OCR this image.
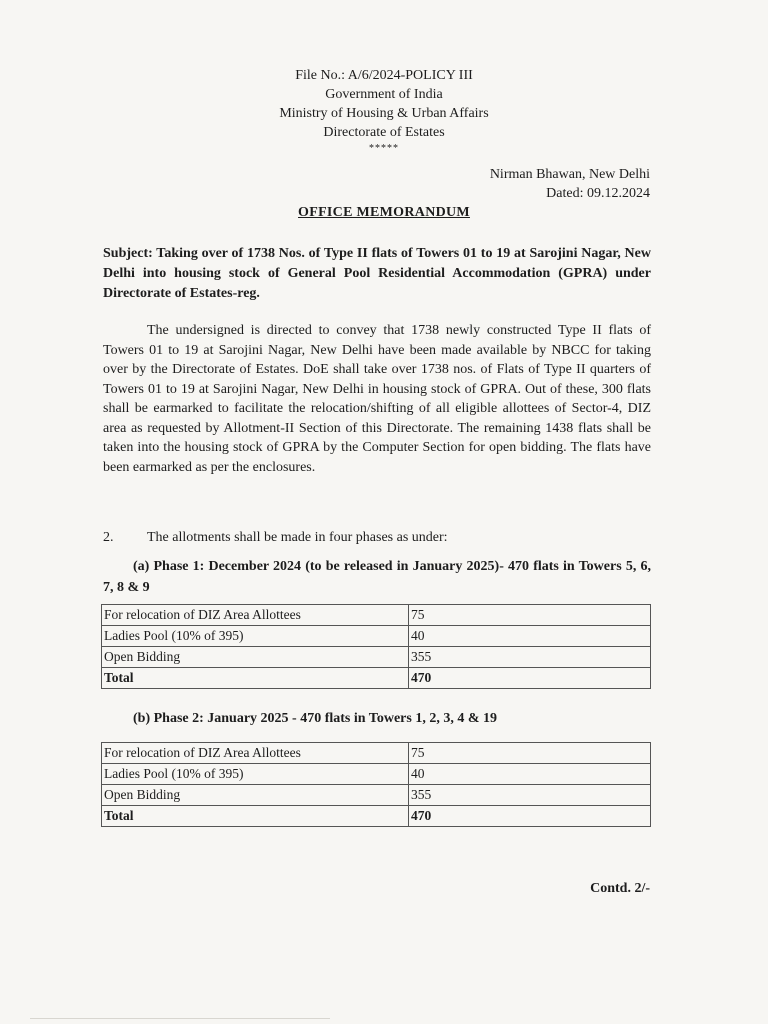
File No.: A/6/2024-POLICY III
Government of India
Ministry of Housing & Urban Affairs
Directorate of Estates
*****
Nirman Bhawan, New Delhi
Dated: 09.12.2024
OFFICE MEMORANDUM
Subject: Taking over of 1738 Nos. of Type II flats of Towers 01 to 19 at Sarojini Nagar, New Delhi into housing stock of General Pool Residential Accommodation (GPRA) under Directorate of Estates-reg.
The undersigned is directed to convey that 1738 newly constructed Type II flats of Towers 01 to 19 at Sarojini Nagar, New Delhi have been made available by NBCC for taking over by the Directorate of Estates. DoE shall take over 1738 nos. of Flats of Type II quarters of Towers 01 to 19 at Sarojini Nagar, New Delhi in housing stock of GPRA. Out of these, 300 flats shall be earmarked to facilitate the relocation/shifting of all eligible allottees of Sector-4, DIZ area as requested by Allotment-II Section of this Directorate. The remaining 1438 flats shall be taken into the housing stock of GPRA by the Computer Section for open bidding. The flats have been earmarked as per the enclosures.
2. The allotments shall be made in four phases as under:
(a) Phase 1: December 2024 (to be released in January 2025)- 470 flats in Towers 5, 6, 7, 8 & 9
For relocation of DIZ Area Allottees	75
Ladies Pool (10% of 395)	40
Open Bidding	355
Total	470
(b) Phase 2: January 2025 - 470 flats in Towers 1, 2, 3, 4 & 19
For relocation of DIZ Area Allottees	75
Ladies Pool (10% of 395)	40
Open Bidding	355
Total	470
Contd. 2/-
